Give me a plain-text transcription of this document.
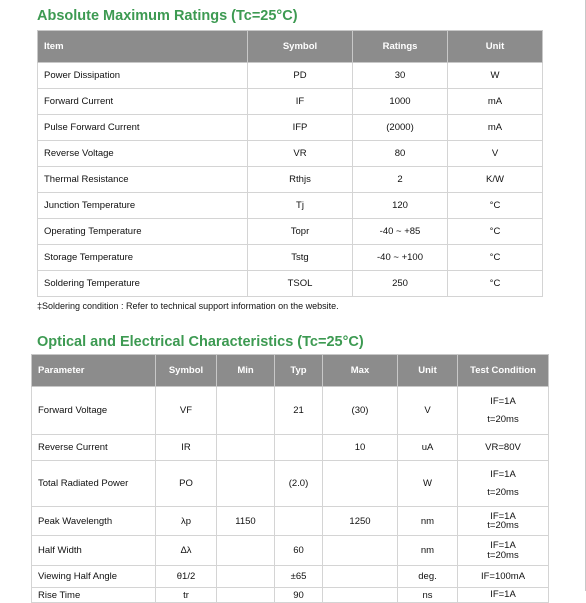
Absolute Maximum Ratings (Tc=25°C)
Item	Symbol	Ratings	Unit
Power Dissipation	PD	30	W
Forward Current	IF	1000	mA
Pulse Forward Current	IFP	(2000)	mA
Reverse Voltage	VR	80	V
Thermal Resistance	Rthjs	2	K/W
Junction Temperature	Tj	120	°C
Operating Temperature	Topr	-40 ~ +85	°C
Storage Temperature	Tstg	-40 ~ +100	°C
Soldering Temperature	TSOL	250	°C
‡Soldering condition : Refer to technical support information on the website.
Optical and Electrical Characteristics (Tc=25°C)
Parameter	Symbol	Min	Typ	Max	Unit	Test Condition
Forward Voltage	VF		21	(30)	V	IF=1A
t=20ms

Reverse Current	IR			10	uA	VR=80V

Total Radiated Power	PO		(2.0)		W	IF=1A
t=20ms

Peak Wavelength	λp	1150		1250	nm	IF=1A
t=20ms

Half Width	Δλ		60		nm	IF=1A
t=20ms

Viewing Half Angle	θ1/2		±65		deg.	IF=100mA

Rise Time	tr		90		ns	IF=1A
